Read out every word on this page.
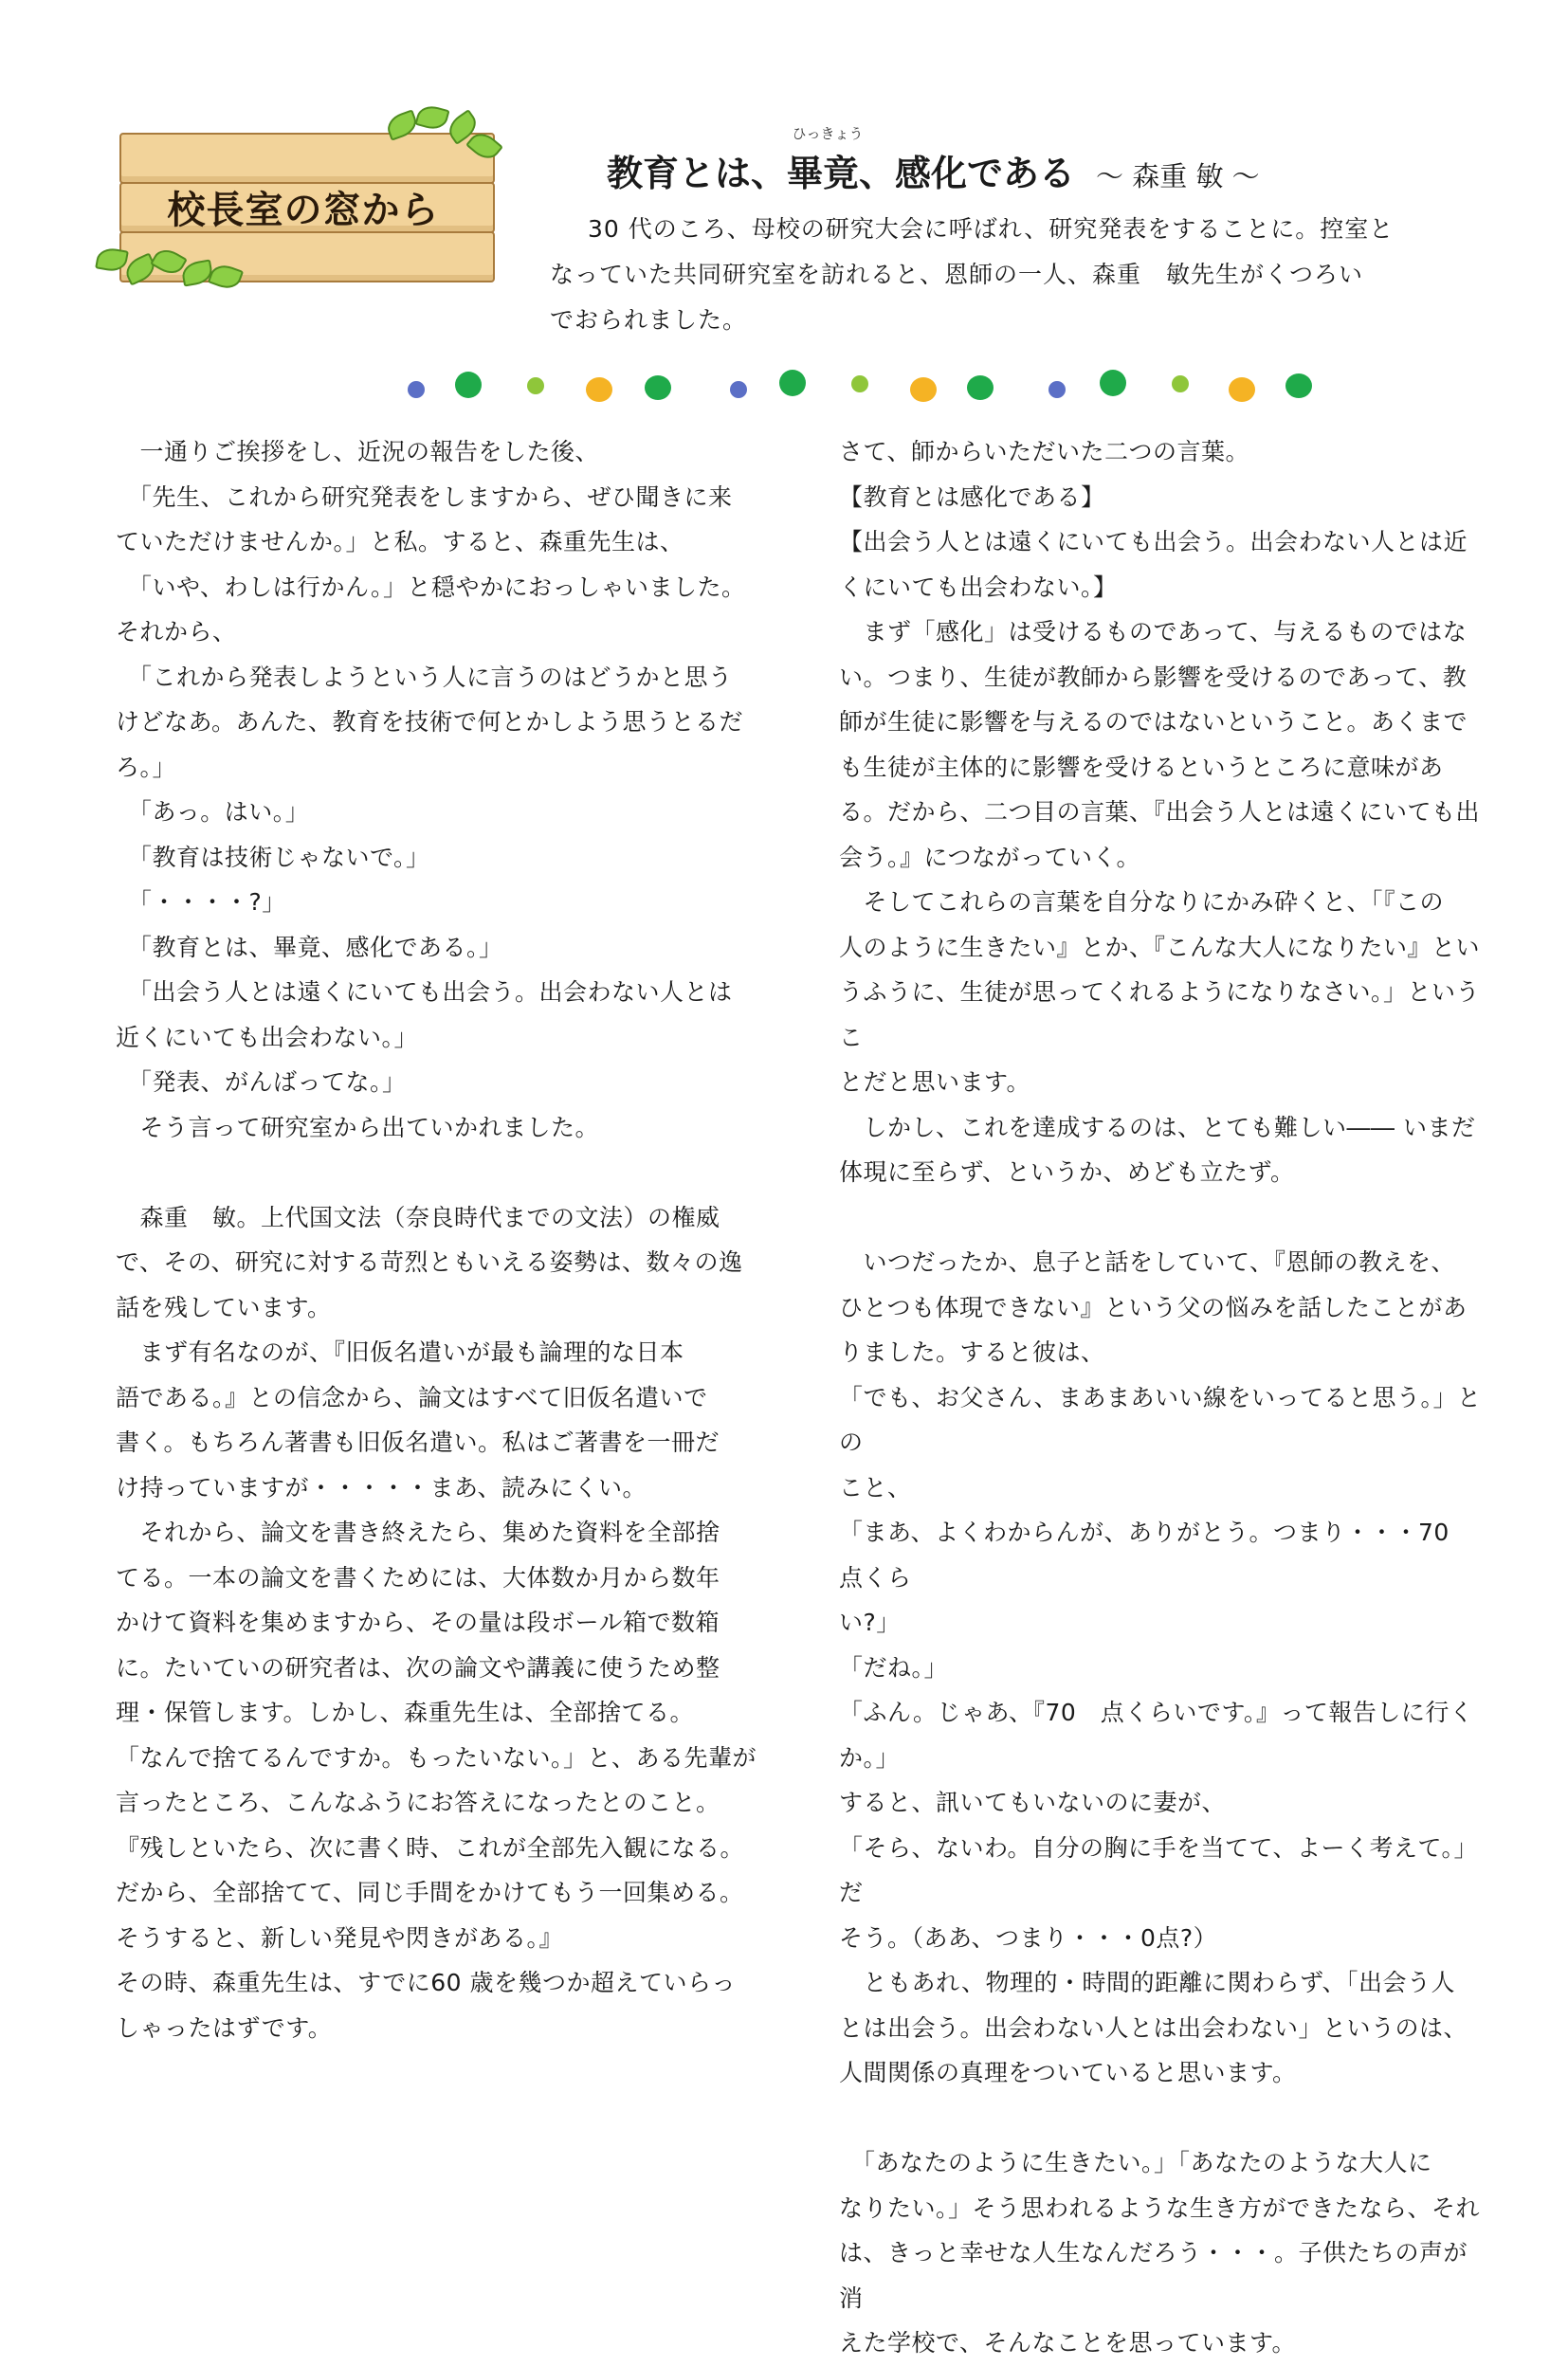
校長室の窓から
ひっきょう
教育とは、畢竟、感化である ～ 森重 敏 ～

30 代のころ、母校の研究大会に呼ばれ、研究発表をすることに。控室と

なっていた共同研究室を訪れると、恩師の一人、森重　敏先生がくつろい

でおられました。

　一通りご挨拶をし、近況の報告をした後、

　「先生、これから研究発表をしますから、ぜひ聞きに来

ていただけませんか。」と私。すると、森重先生は、

　「いや、わしは行かん。」と穏やかにおっしゃいました。

それから、

　「これから発表しようという人に言うのはどうかと思う

けどなあ。あんた、教育を技術で何とかしよう思うとるだ

ろ。」

　「あっ。はい。」

　「教育は技術じゃないで。」

　「・・・・?」

　「教育とは、畢竟、感化である。」

　「出会う人とは遠くにいても出会う。出会わない人とは

近くにいても出会わない。」

　「発表、がんばってな。」

　そう言って研究室から出ていかれました。

　森重　敏。上代国文法（奈良時代までの文法）の権威

で、その、研究に対する苛烈ともいえる姿勢は、数々の逸

話を残しています。

　まず有名なのが、『旧仮名遣いが最も論理的な日本

語である。』との信念から、論文はすべて旧仮名遣いで

書く。もちろん著書も旧仮名遣い。私はご著書を一冊だ

け持っていますが・・・・・まあ、読みにくい。

　それから、論文を書き終えたら、集めた資料を全部捨

てる。一本の論文を書くためには、大体数か月から数年

かけて資料を集めますから、その量は段ボール箱で数箱

に。たいていの研究者は、次の論文や講義に使うため整

理・保管します。しかし、森重先生は、全部捨てる。

「なんで捨てるんですか。もったいない。」と、ある先輩が

言ったところ、こんなふうにお答えになったとのこと。

『残しといたら、次に書く時、これが全部先入観になる。

だから、全部捨てて、同じ手間をかけてもう一回集める。

そうすると、新しい発見や閃きがある。』

その時、森重先生は、すでに60 歳を幾つか超えていらっ

しゃったはずです。

さて、師からいただいた二つの言葉。

【教育とは感化である】

【出会う人とは遠くにいても出会う。出会わない人とは近

くにいても出会わない。】

　まず「感化」は受けるものであって、与えるものではな

い。つまり、生徒が教師から影響を受けるのであって、教

師が生徒に影響を与えるのではないということ。あくまで

も生徒が主体的に影響を受けるというところに意味があ

る。だから、二つ目の言葉、『出会う人とは遠くにいても出

会う。』につながっていく。

　そしてこれらの言葉を自分なりにかみ砕くと、「『この

人のように生きたい』とか、『こんな大人になりたい』とい

うふうに、生徒が思ってくれるようになりなさい。」というこ

とだと思います。

　しかし、これを達成するのは、とても難しい―― いまだ

体現に至らず、というか、めども立たず。

　いつだったか、息子と話をしていて、『恩師の教えを、

ひとつも体現できない』という父の悩みを話したことがあ

りました。すると彼は、

「でも、お父さん、まあまあいい線をいってると思う。」との

こと、

「まあ、よくわからんが、ありがとう。つまり・・・70　点くら

い?」

「だね。」

「ふん。じゃあ、『70　点くらいです。』って報告しに行くか。」

すると、訊いてもいないのに妻が、

「そら、ないわ。自分の胸に手を当てて、よーく考えて。」だ

そう。（ああ、つまり・・・0点?）

　ともあれ、物理的・時間的距離に関わらず、「出会う人

とは出会う。出会わない人とは出会わない」というのは、

人間関係の真理をついていると思います。

　「あなたのように生きたい。」「あなたのような大人に

なりたい。」そう思われるような生き方ができたなら、それ

は、きっと幸せな人生なんだろう・・・。子供たちの声が消

えた学校で、そんなことを思っています。
